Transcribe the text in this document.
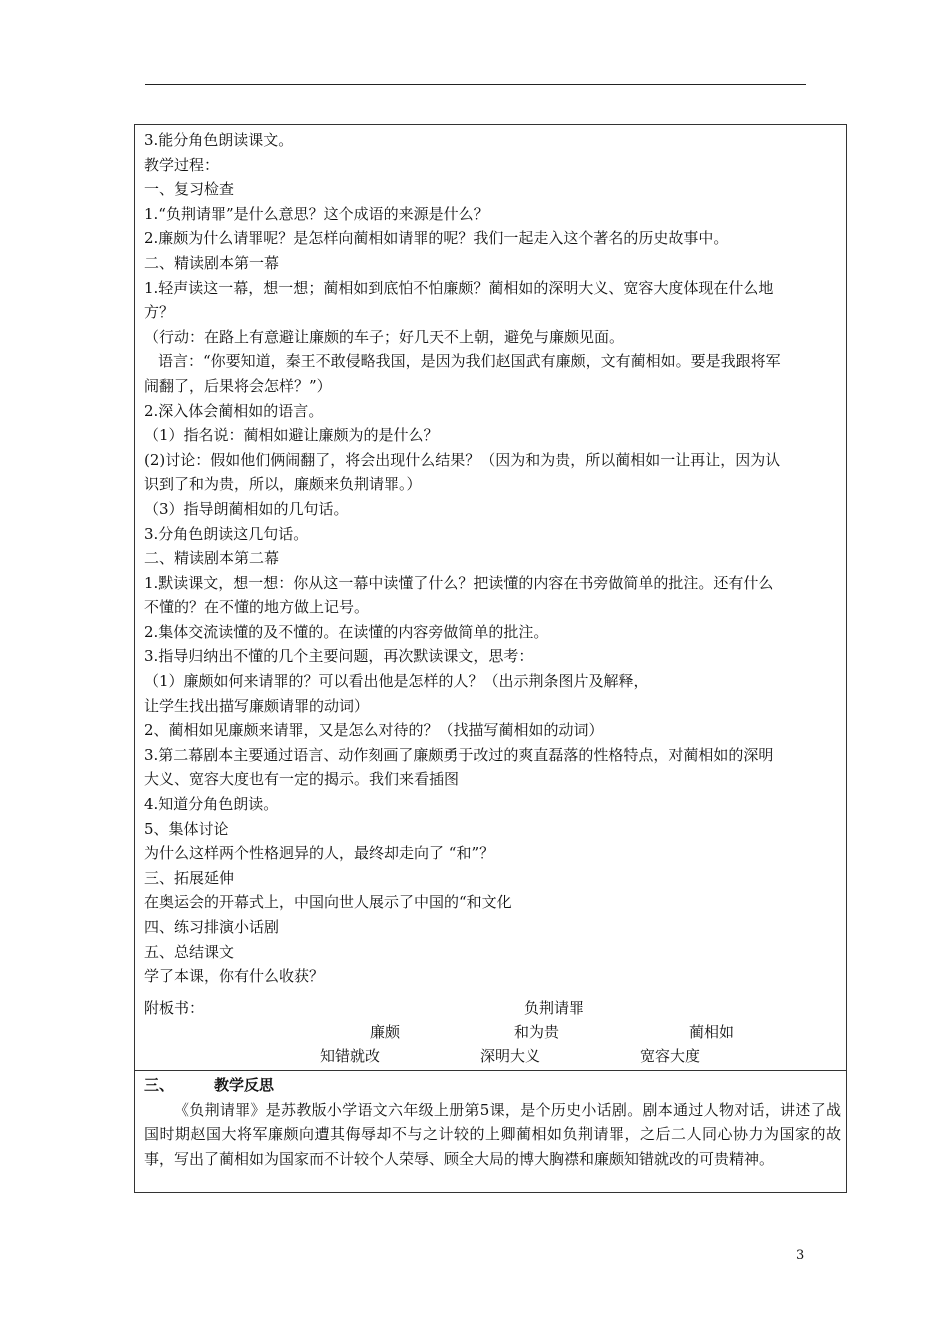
3.能分角色朗读课文。
教学过程：
一、复习检查
1.“负荆请罪”是什么意思？这个成语的来源是什么？
2.廉颇为什么请罪呢？是怎样向蔺相如请罪的呢？我们一起走入这个著名的历史故事中。
二、精读剧本第一幕
1.轻声读这一幕，想一想；蔺相如到底怕不怕廉颇？蔺相如的深明大义、宽容大度体现在什么地
方？
（行动：在路上有意避让廉颇的车子；好几天不上朝，避免与廉颇见面。
语言：“你要知道，秦王不敢侵略我国，是因为我们赵国武有廉颇，文有蔺相如。要是我跟将军
闹翻了，后果将会怎样？”）
2.深入体会蔺相如的语言。
（1）指名说：蔺相如避让廉颇为的是什么？
(2)讨论：假如他们俩闹翻了，将会出现什么结果？（因为和为贵，所以蔺相如一让再让，因为认
识到了和为贵，所以，廉颇来负荆请罪。）
（3）指导朗蔺相如的几句话。
3.分角色朗读这几句话。
二、精读剧本第二幕
1.默读课文，想一想：你从这一幕中读懂了什么？把读懂的内容在书旁做简单的批注。还有什么
不懂的？在不懂的地方做上记号。
2.集体交流读懂的及不懂的。在读懂的内容旁做简单的批注。
3.指导归纳出不懂的几个主要问题，再次默读课文，思考：
（1）廉颇如何来请罪的？可以看出他是怎样的人？（出示荆条图片及解释，
让学生找出描写廉颇请罪的动词）
2、蔺相如见廉颇来请罪，又是怎么对待的？（找描写蔺相如的动词）
3.第二幕剧本主要通过语言、动作刻画了廉颇勇于改过的爽直磊落的性格特点，对蔺相如的深明
大义、宽容大度也有一定的揭示。我们来看插图
4.知道分角色朗读。
5、集体讨论
为什么这样两个性格迥异的人，最终却走向了 “和”？
三、拓展延伸
在奥运会的开幕式上，中国向世人展示了中国的“和文化
四、练习排演小话剧
五、总结课文
学了本课，你有什么收获？
附板书：	负荆请罪
廉颇	和为贵	蔺相如
知错就改	深明大义	宽容大度
三、	教学反思

《负荆请罪》是苏教版小学语文六年级上册第5课，是个历史小话剧。剧本通过人物对话，讲述了战国时期赵国大将军廉颇向遭其侮辱却不与之计较的上卿蔺相如负荆请罪，之后二人同心协力为国家的故事，写出了蔺相如为国家而不计较个人荣辱、顾全大局的博大胸襟和廉颇知错就改的可贵精神。

3
